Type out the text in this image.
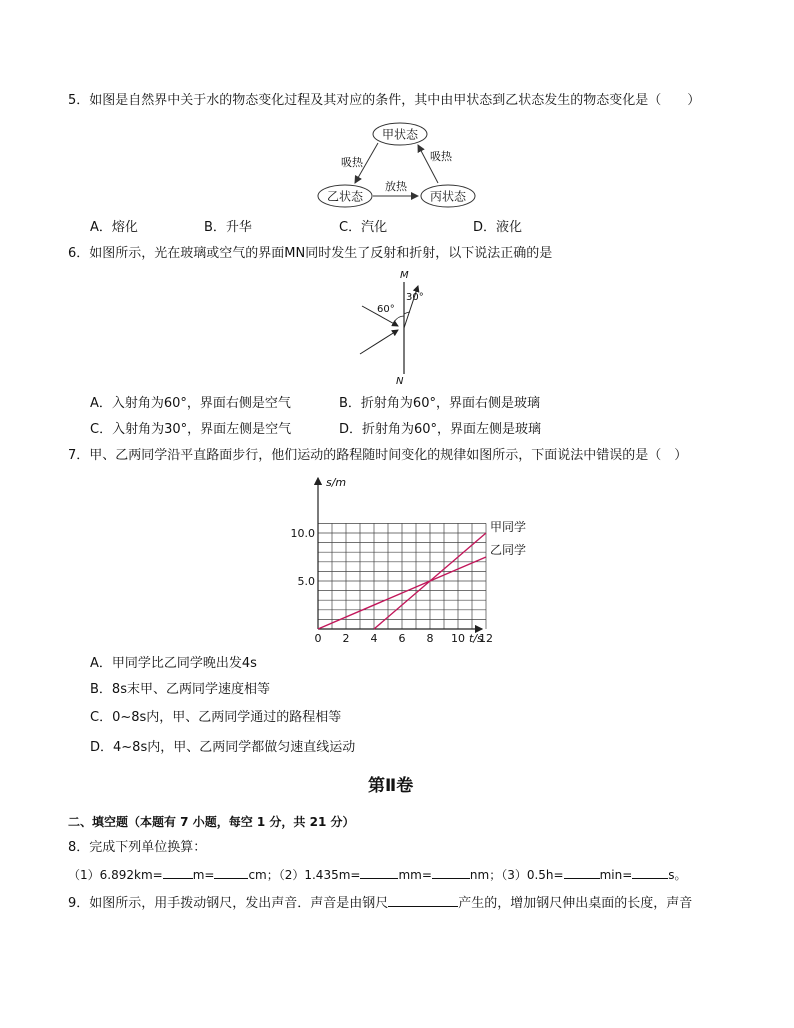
5．如图是自然界中关于水的物态变化过程及其对应的条件，其中由甲状态到乙状态发生的物态变化是（　　）
甲状态
乙状态	丙状态
吸热	吸热
放热
A．熔化	B．升华	C．汽化	D．液化
6．如图所示，光在玻璃或空气的界面MN同时发生了反射和折射，以下说法正确的是
M
N
60°
30°
A．入射角为60°，界面右侧是空气	B．折射角为60°，界面右侧是玻璃
C．入射角为30°，界面左侧是空气	D．折射角为60°，界面左侧是玻璃
7．甲、乙两同学沿平直路面步行，他们运动的路程随时间变化的规律如图所示，下面说法中错误的是（　）
s/m
t/s
0 2 4 6 8 10 12
5.0
10.0	甲同学
乙同学
A．甲同学比乙同学晚出发4s
B．8s末甲、乙两同学速度相等
C．0~8s内，甲、乙两同学通过的路程相等
D．4~8s内，甲、乙两同学都做匀速直线运动
第Ⅱ卷
二、填空题（本题有 7 小题，每空 1 分，共 21 分）
8．完成下列单位换算：
（1）6.892km=	m=	cm；（2）1.435m=	mm=	nm；（3）0.5h=	min=	s。
9．如图所示，用手拨动钢尺，发出声音．声音是由钢尺	产生的，增加钢尺伸出桌面的长度，声音
